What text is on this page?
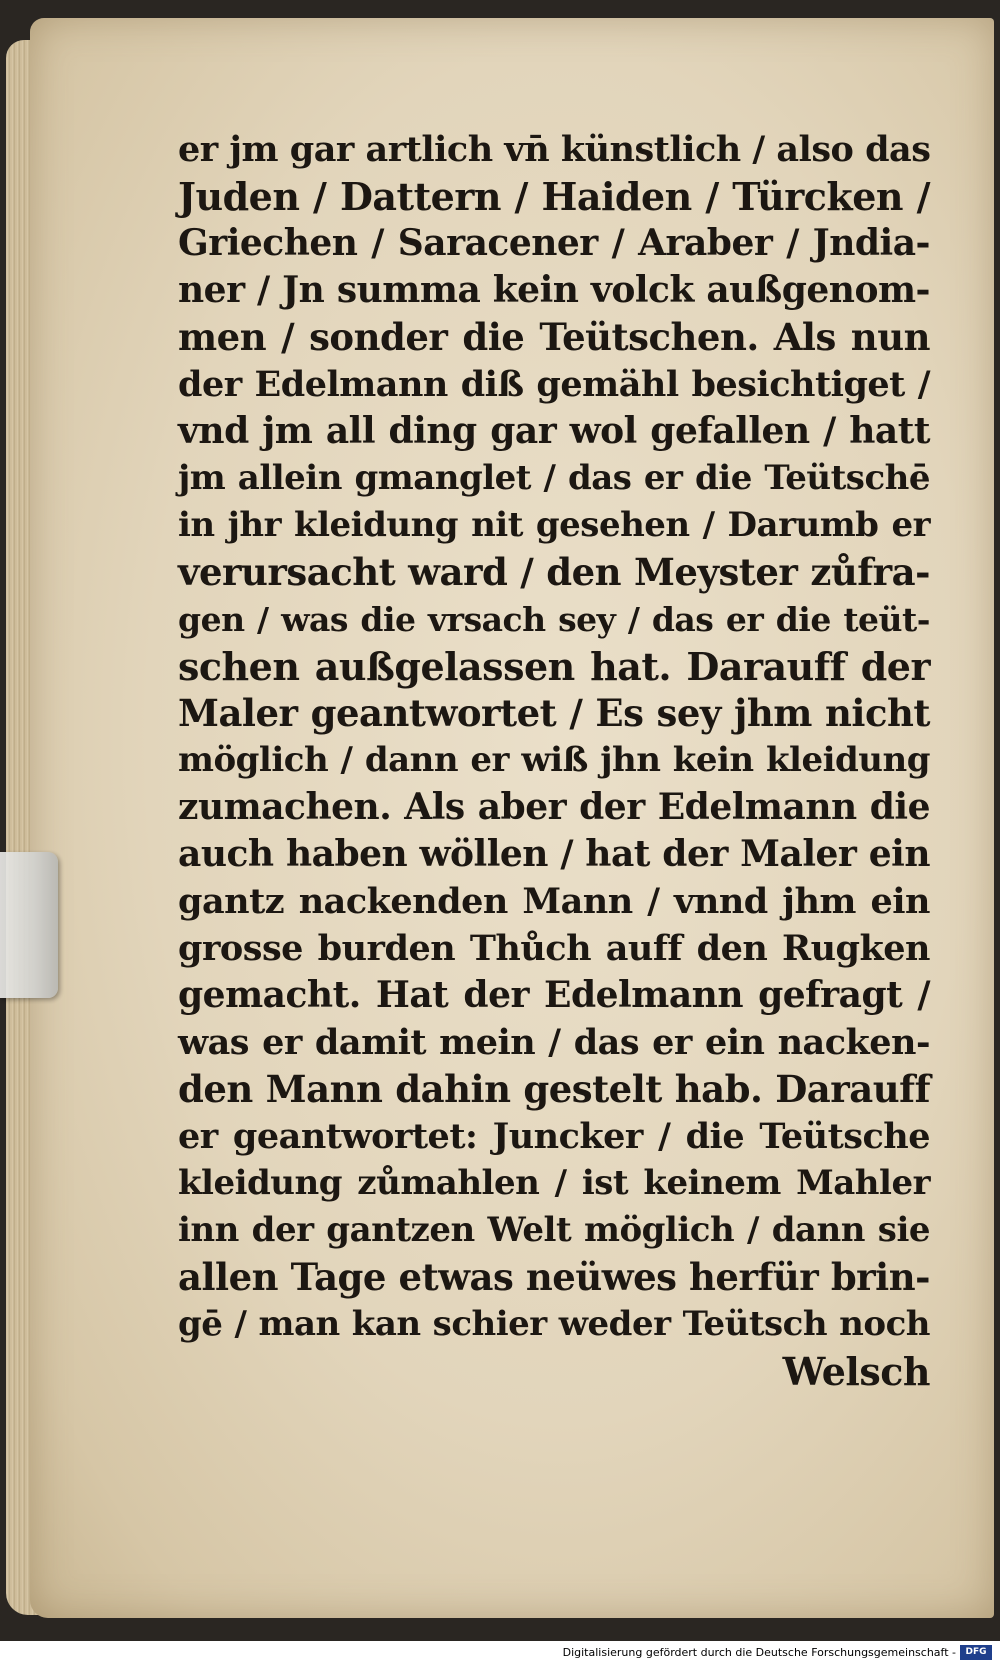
er jm gar artlich vn̄ künstlich / also das
Juden / Dattern / Haiden / Türcken /
Griechen / Saracener / Araber / Jndia-
ner / Jn summa kein volck außgenom-
men / sonder die Teütschen. Als nun
der Edelmann diß gemähl besichtiget /
vnd jm all ding gar wol gefallen / hatt
jm allein gmanglet / das er die Teütschē
in jhr kleidung nit gesehen / Darumb er
verursacht ward / den Meyster zůfra-
gen / was die vrsach sey / das er die teüt-
schen außgelassen hat. Darauff der
Maler geantwortet / Es sey jhm nicht
möglich / dann er wiß jhn kein kleidung
zumachen. Als aber der Edelmann die
auch haben wöllen / hat der Maler ein
gantz nackenden Mann / vnnd jhm ein
grosse burden Thůch auff den Rugken
gemacht. Hat der Edelmann gefragt /
was er damit mein / das er ein nacken-
den Mann dahin gestelt hab. Darauff
er geantwortet: Juncker / die Teütsche
kleidung zůmahlen / ist keinem Mahler
inn der gantzen Welt möglich / dann sie
allen Tage etwas neüwes herfür brin-
gē / man kan schier weder Teütsch noch
Welsch
Digitalisierung gefördert durch die Deutsche Forschungsgemeinschaft -	DFG
